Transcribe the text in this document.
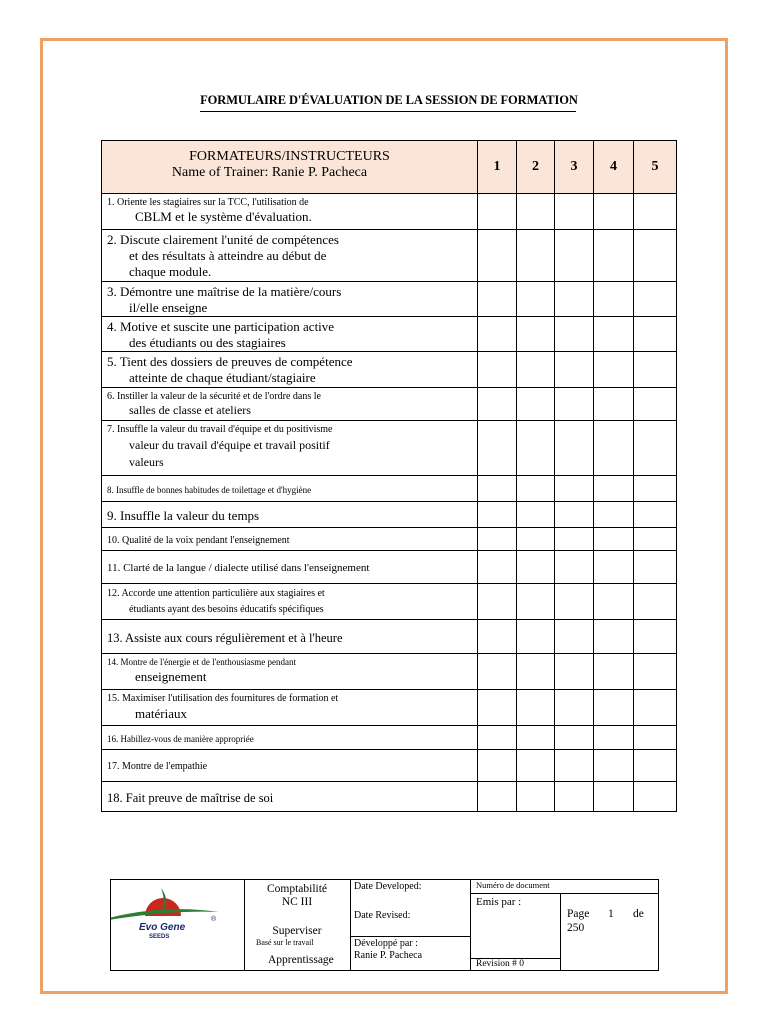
FORMULAIRE D'ÉVALUATION DE LA SESSION DE FORMATION
FORMATEURS/INSTRUCTEURS
Name of Trainer: Ranie P. Pacheca	1	2	3	4	5

1. Oriente les stagiaires sur la TCC, l'utilisation de
CBLM et le système d'évaluation.					

2. Discute clairement l'unité de compétences
et des résultats à atteindre au début de
chaque module.					

3. Démontre une maîtrise de la matière/cours
il/elle enseigne					

4. Motive et suscite une participation active
des étudiants ou des stagiaires					

5. Tient des dossiers de preuves de compétence
atteinte de chaque étudiant/stagiaire					

6. Instiller la valeur de la sécurité et de l'ordre dans le
salles de classe et ateliers					

7. Insuffle la valeur du travail d'équipe et du positivisme
valeur du travail d'équipe et travail positif
valeurs					

8. Insuffle de bonnes habitudes de toilettage et d'hygiène					
9. Insuffle la valeur du temps					
10. Qualité de la voix pendant l'enseignement					
11. Clarté de la langue / dialecte utilisé dans l'enseignement					

12. Accorde une attention particulière aux stagiaires et
étudiants ayant des besoins éducatifs spécifiques					

13. Assiste aux cours régulièrement et à l'heure					

14. Montre de l'énergie et de l'enthousiasme pendant
enseignement					

15. Maximiser l'utilisation des fournitures de formation et
matériaux					

16. Habillez-vous de manière appropriée					
17. Montre de l'empathie					
18. Fait preuve de maîtrise de soi					
Evo Gene
SEEDS
®
Comptabilité
NC III
Superviser
Basé sur le travail
Apprentissage
Date Developed:
Date Revised:
Développé par :
Ranie P. Pacheca
Numéro de document
Emis par :
Revision # 0
Page 1 de
250
